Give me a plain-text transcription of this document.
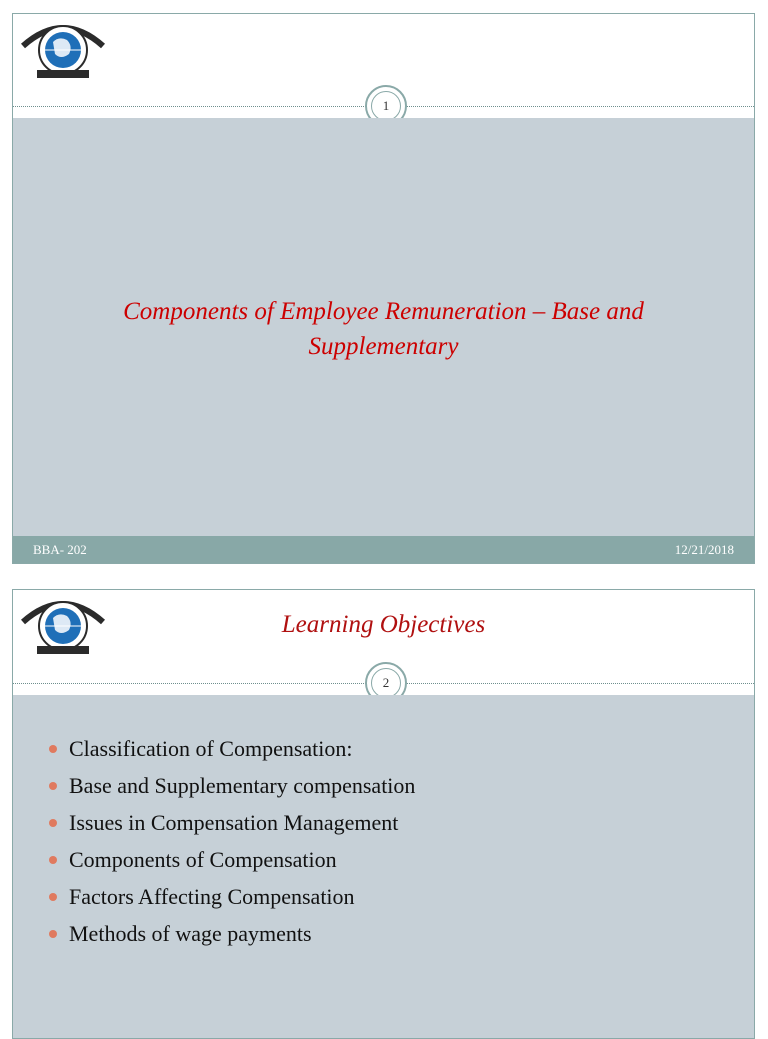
1
Components of Employee Remuneration – Base and Supplementary
BBA- 202	12/21/2018
Learning Objectives
2
Classification of Compensation:
Base and Supplementary compensation
Issues in Compensation Management
Components of Compensation
Factors Affecting Compensation
Methods of wage payments
